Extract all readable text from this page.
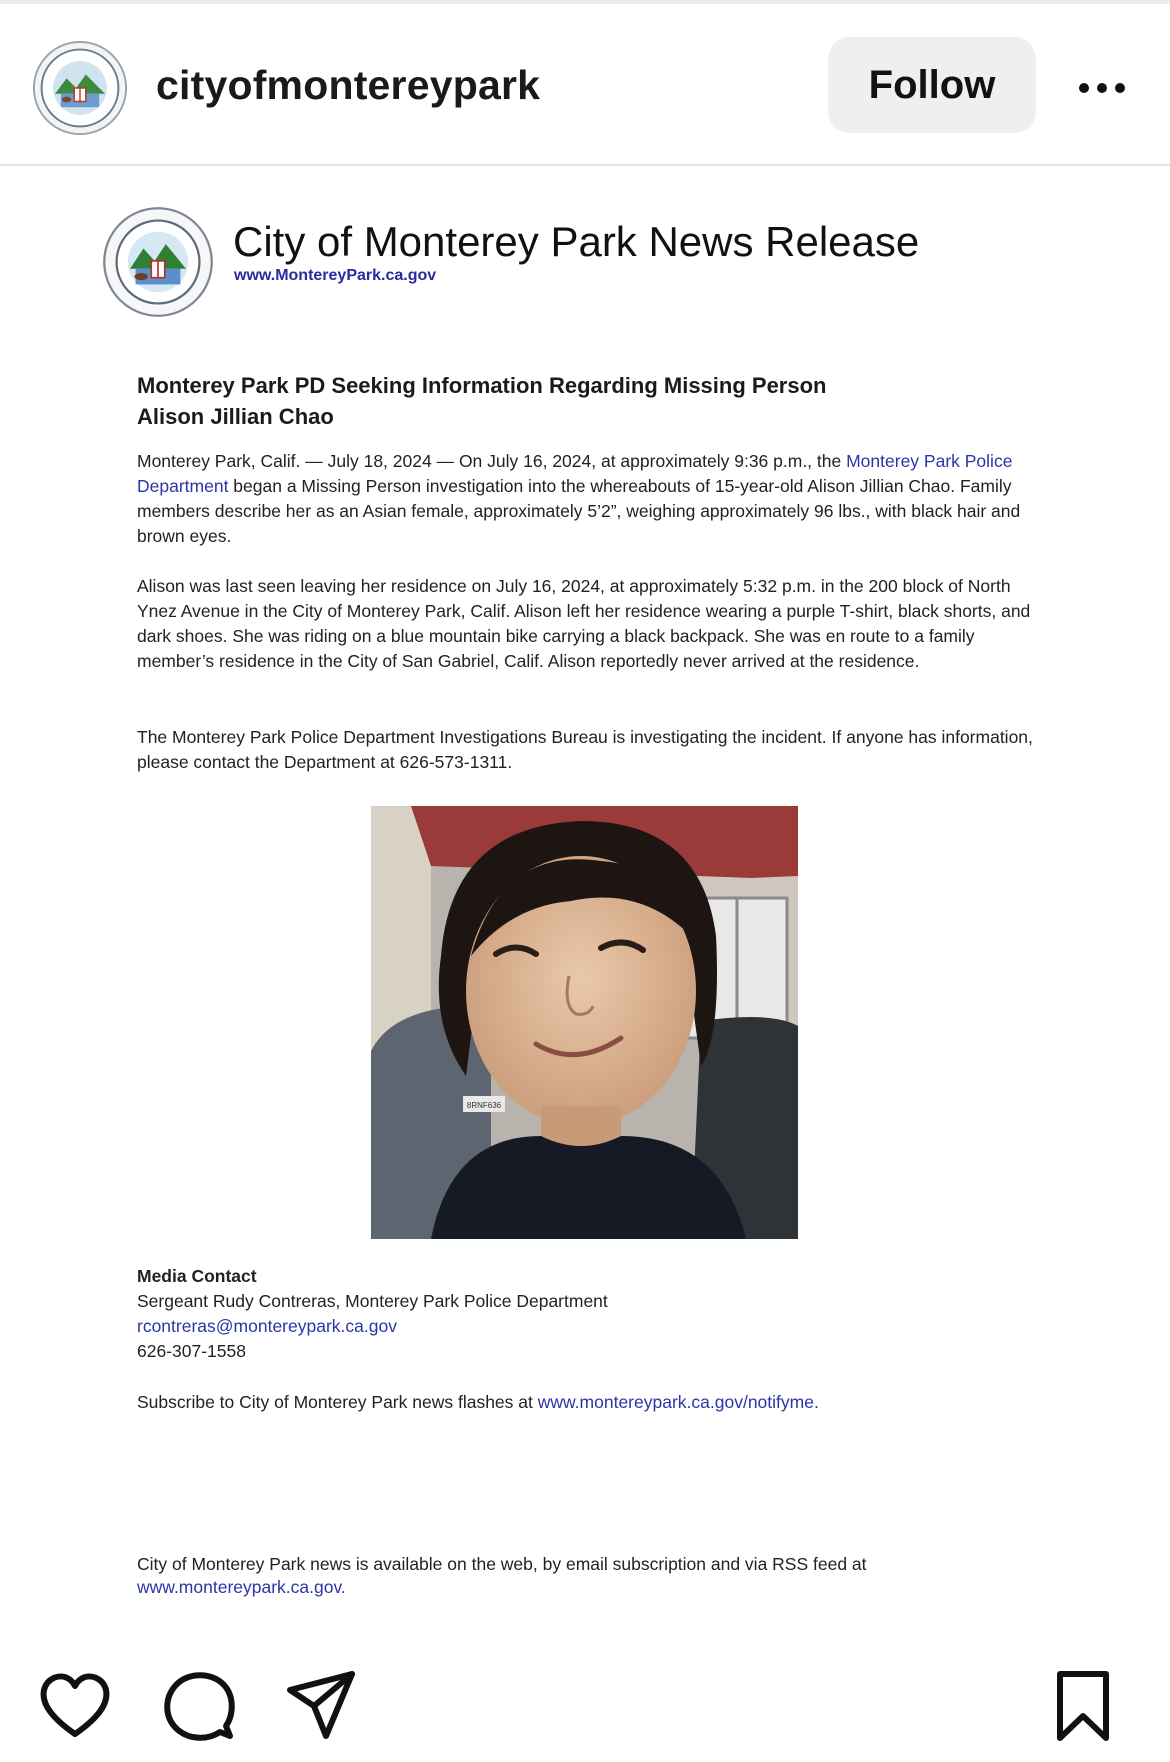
cityofmontereypark	Follow
City of Monterey Park News Release
www.MontereyPark.ca.gov
Monterey Park PD Seeking Information Regarding Missing Person
Alison Jillian Chao
Monterey Park, Calif. — July 18, 2024 — On July 16, 2024, at approximately 9:36 p.m., the Monterey Park Police Department began a Missing Person investigation into the whereabouts of 15-year-old Alison Jillian Chao. Family members describe her as an Asian female, approximately 5’2”, weighing approximately 96 lbs., with black hair and brown eyes.
Alison was last seen leaving her residence on July 16, 2024, at approximately 5:32 p.m. in the 200 block of North Ynez Avenue in the City of Monterey Park, Calif. Alison left her residence wearing a purple T-shirt, black shorts, and dark shoes. She was riding on a blue mountain bike carrying a black backpack. She was en route to a family member’s residence in the City of San Gabriel, Calif. Alison reportedly never arrived at the residence.
The Monterey Park Police Department Investigations Bureau is investigating the incident. If anyone has information, please contact the Department at 626-573-1311.
8RNF636
Media Contact
Sergeant Rudy Contreras, Monterey Park Police Department
rcontreras@montereypark.ca.gov
626-307-1558
Subscribe to City of Monterey Park news flashes at www.montereypark.ca.gov/notifyme.
City of Monterey Park news is available on the web, by email subscription and via RSS feed at
www.montereypark.ca.gov.
